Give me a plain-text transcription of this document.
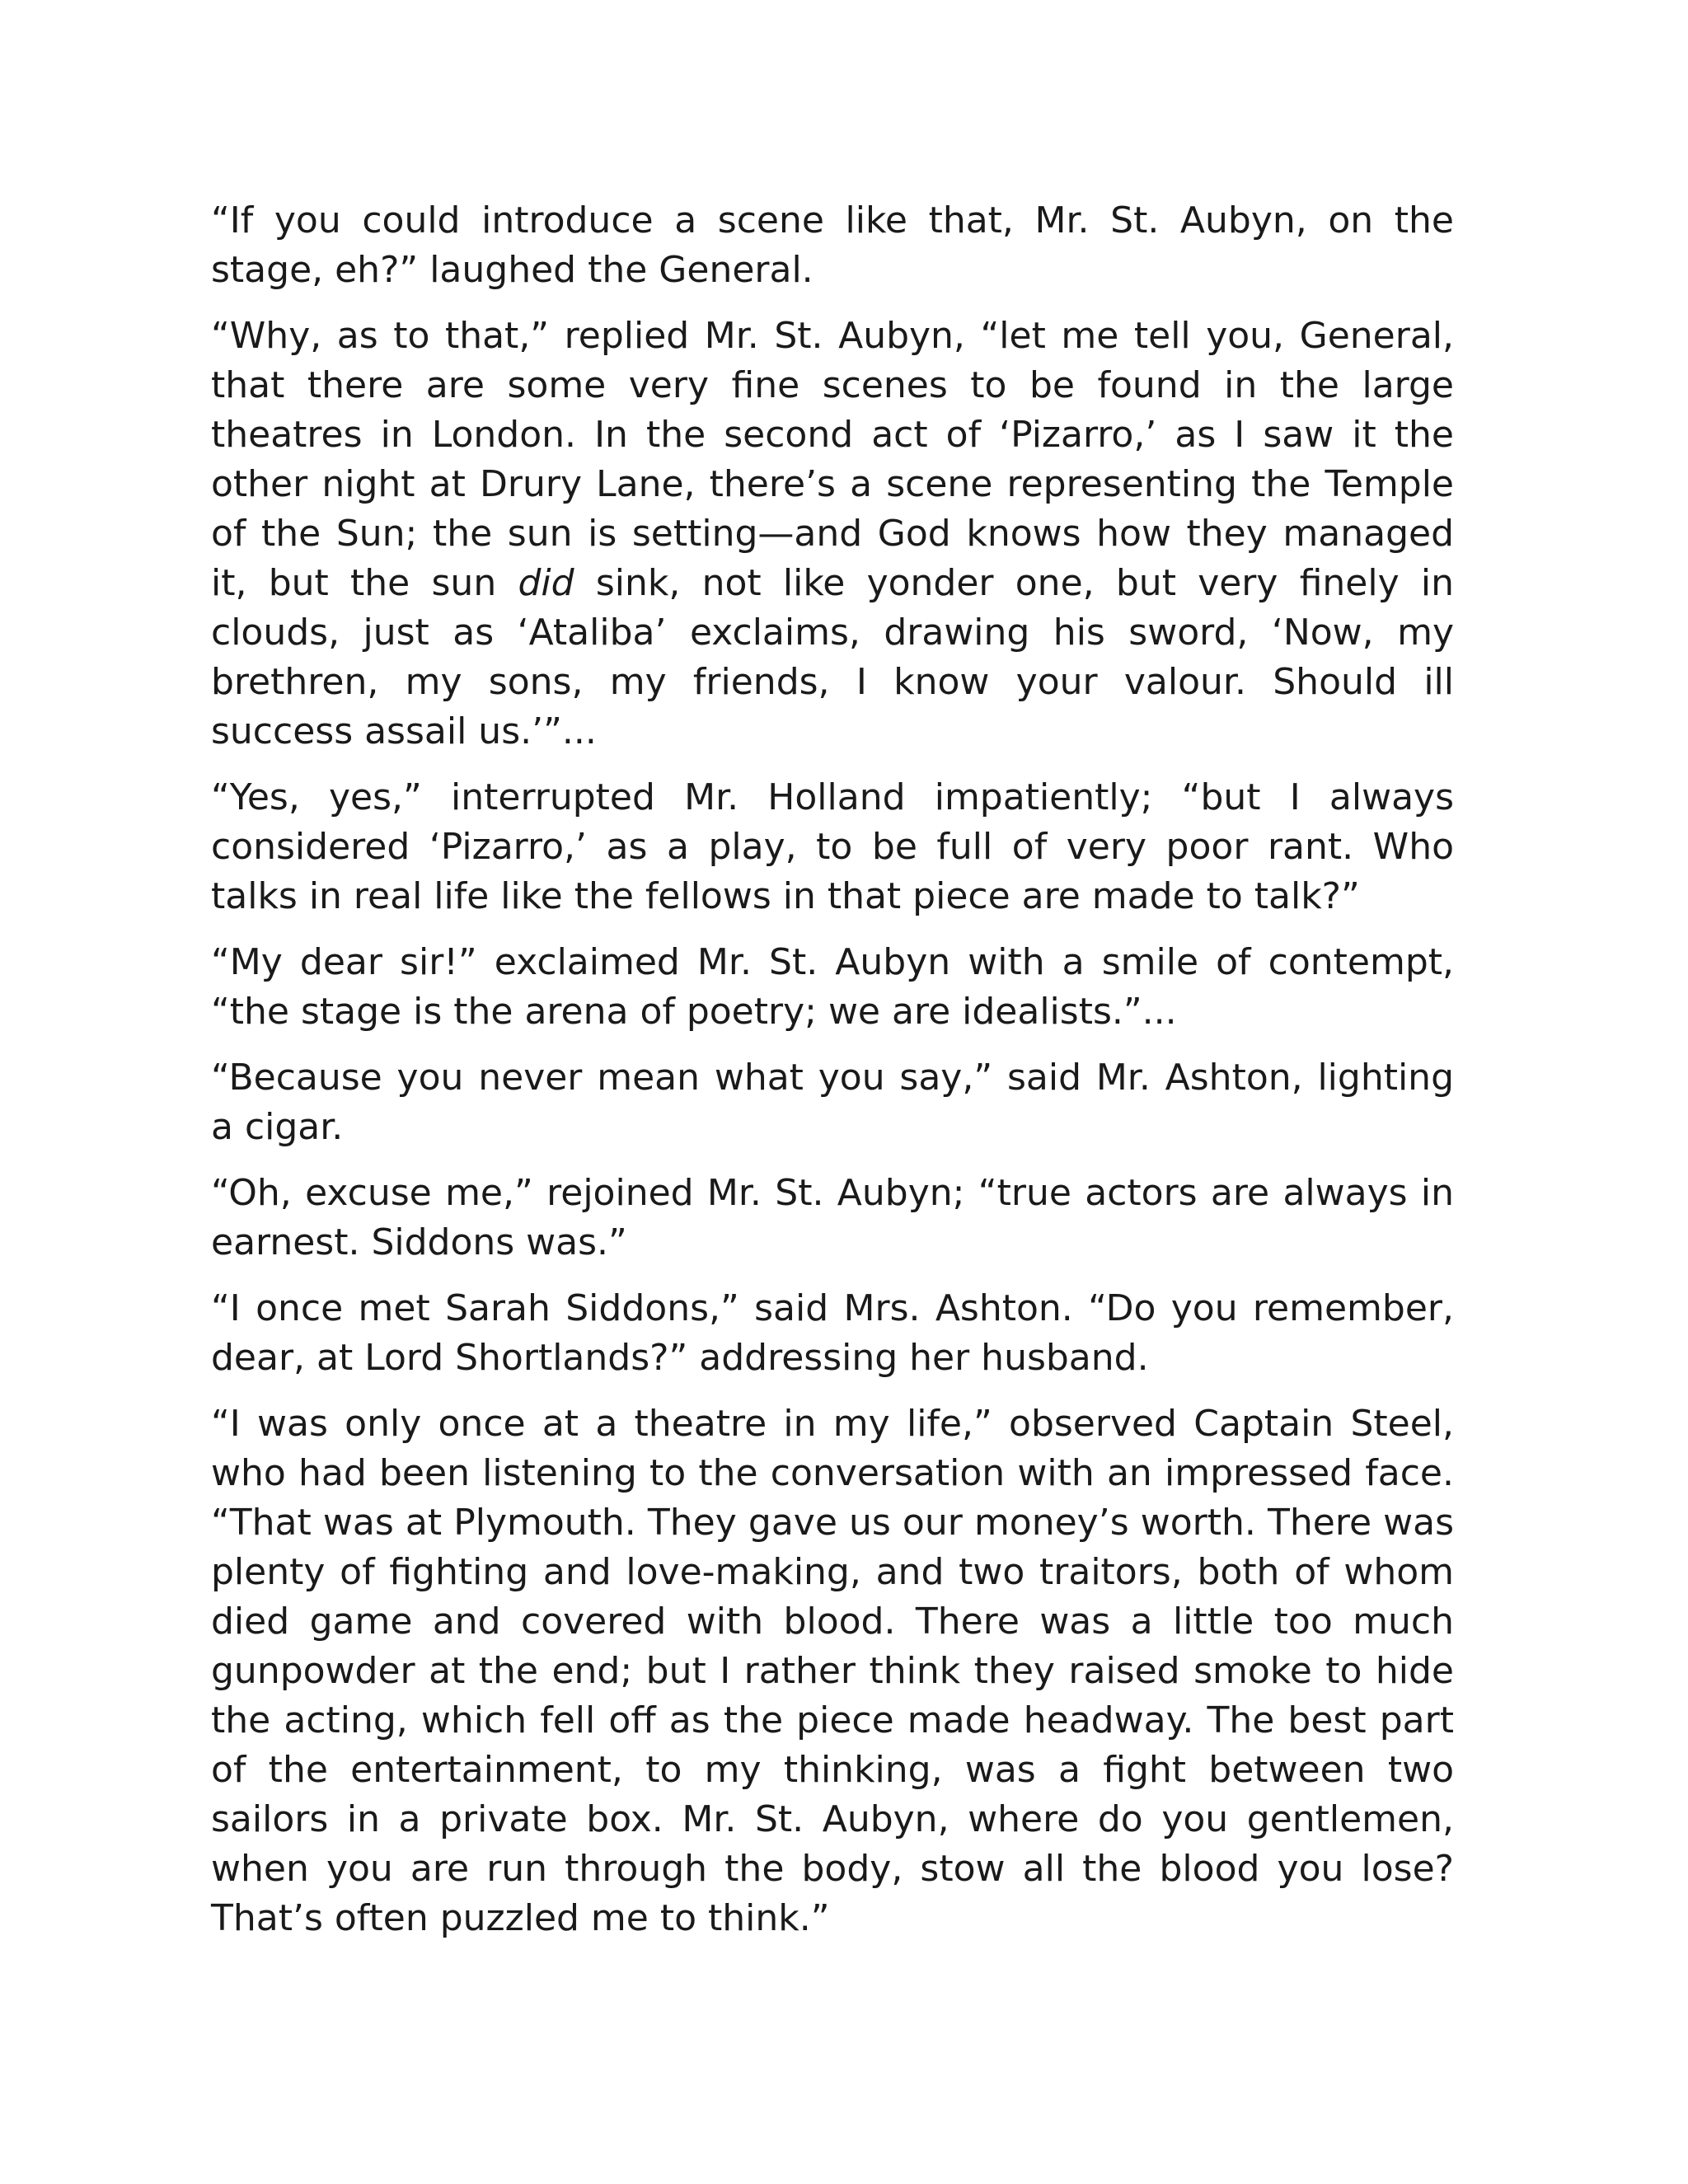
“If you could introduce a scene like that, Mr. St. Aubyn, on the stage, eh?” laughed the General.

“Why, as to that,” replied Mr. St. Aubyn, “let me tell you, General, that there are some very fine scenes to be found in the large theatres in London. In the second act of ‘Pizarro,’ as I saw it the other night at Drury Lane, there’s a scene representing the Temple of the Sun; the sun is setting—and God knows how they managed it, but the sun did sink, not like yonder one, but very finely in clouds, just as ‘Ataliba’ exclaims, drawing his sword, ‘Now, my brethren, my sons, my friends, I know your valour. Should ill success assail us.’”...

“Yes, yes,” interrupted Mr. Holland impatiently; “but I always considered ‘Pizarro,’ as a play, to be full of very poor rant. Who talks in real life like the fellows in that piece are made to talk?”

“My dear sir!” exclaimed Mr. St. Aubyn with a smile of contempt, “the stage is the arena of poetry; we are idealists.”...

“Because you never mean what you say,” said Mr. Ashton, lighting a cigar.

“Oh, excuse me,” rejoined Mr. St. Aubyn; “true actors are always in earnest. Siddons was.”

“I once met Sarah Siddons,” said Mrs. Ashton. “Do you remember, dear, at Lord Shortlands?” addressing her husband.

“I was only once at a theatre in my life,” observed Captain Steel, who had been listening to the conversation with an impressed face. “That was at Plymouth. They gave us our money’s worth. There was plenty of fighting and love-making, and two traitors, both of whom died game and covered with blood. There was a little too much gunpowder at the end; but I rather think they raised smoke to hide the acting, which fell off as the piece made headway. The best part of the entertainment, to my thinking, was a fight between two sailors in a private box. Mr. St. Aubyn, where do you gentlemen, when you are run through the body, stow all the blood you lose? That’s often puzzled me to think.”
